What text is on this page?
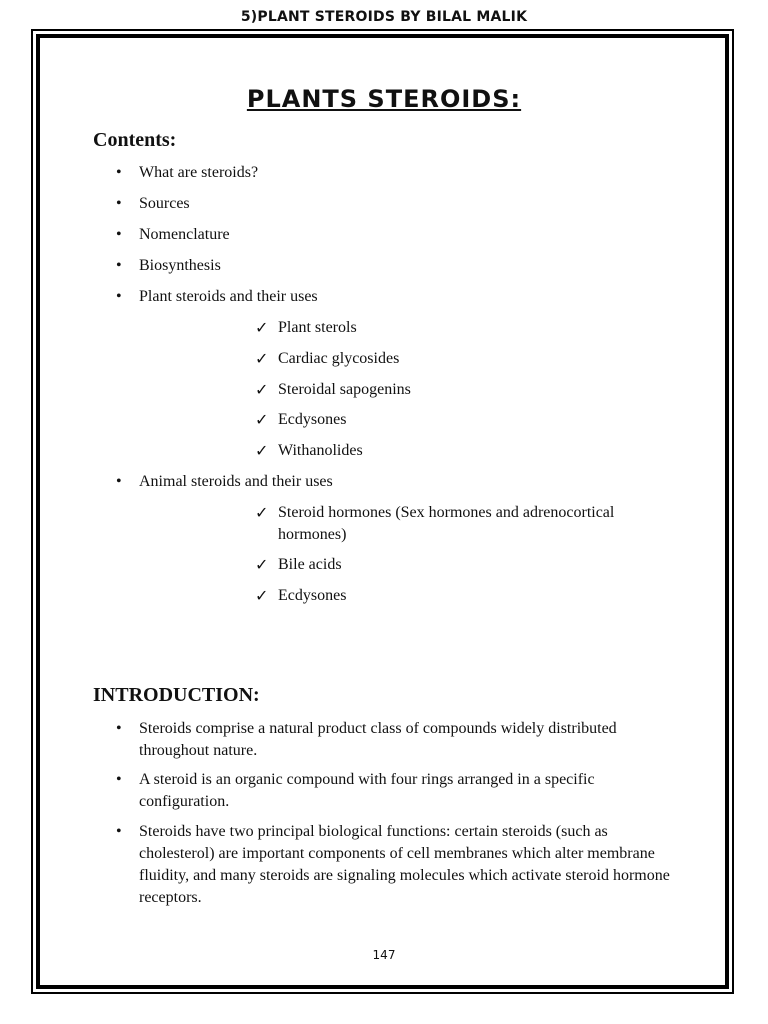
5)PLANT STEROIDS BY BILAL MALIK
PLANTS STEROIDS:
Contents:
• What are steroids?
• Sources
• Nomenclature
• Biosynthesis
• Plant steroids and their uses
✓ Plant sterols
✓ Cardiac glycosides
✓ Steroidal sapogenins
✓ Ecdysones
✓ Withanolides
• Animal steroids and their uses
✓ Steroid hormones (Sex hormones and adrenocortical hormones)
✓ Bile acids
✓ Ecdysones
INTRODUCTION:
• Steroids comprise a natural product class of compounds widely distributed throughout nature.
• A steroid is an organic compound with four rings arranged in a specific configuration.
• Steroids have two principal biological functions: certain steroids (such as cholesterol) are important components of cell membranes which alter membrane fluidity, and many steroids are signaling molecules which activate steroid hormone receptors.
147
